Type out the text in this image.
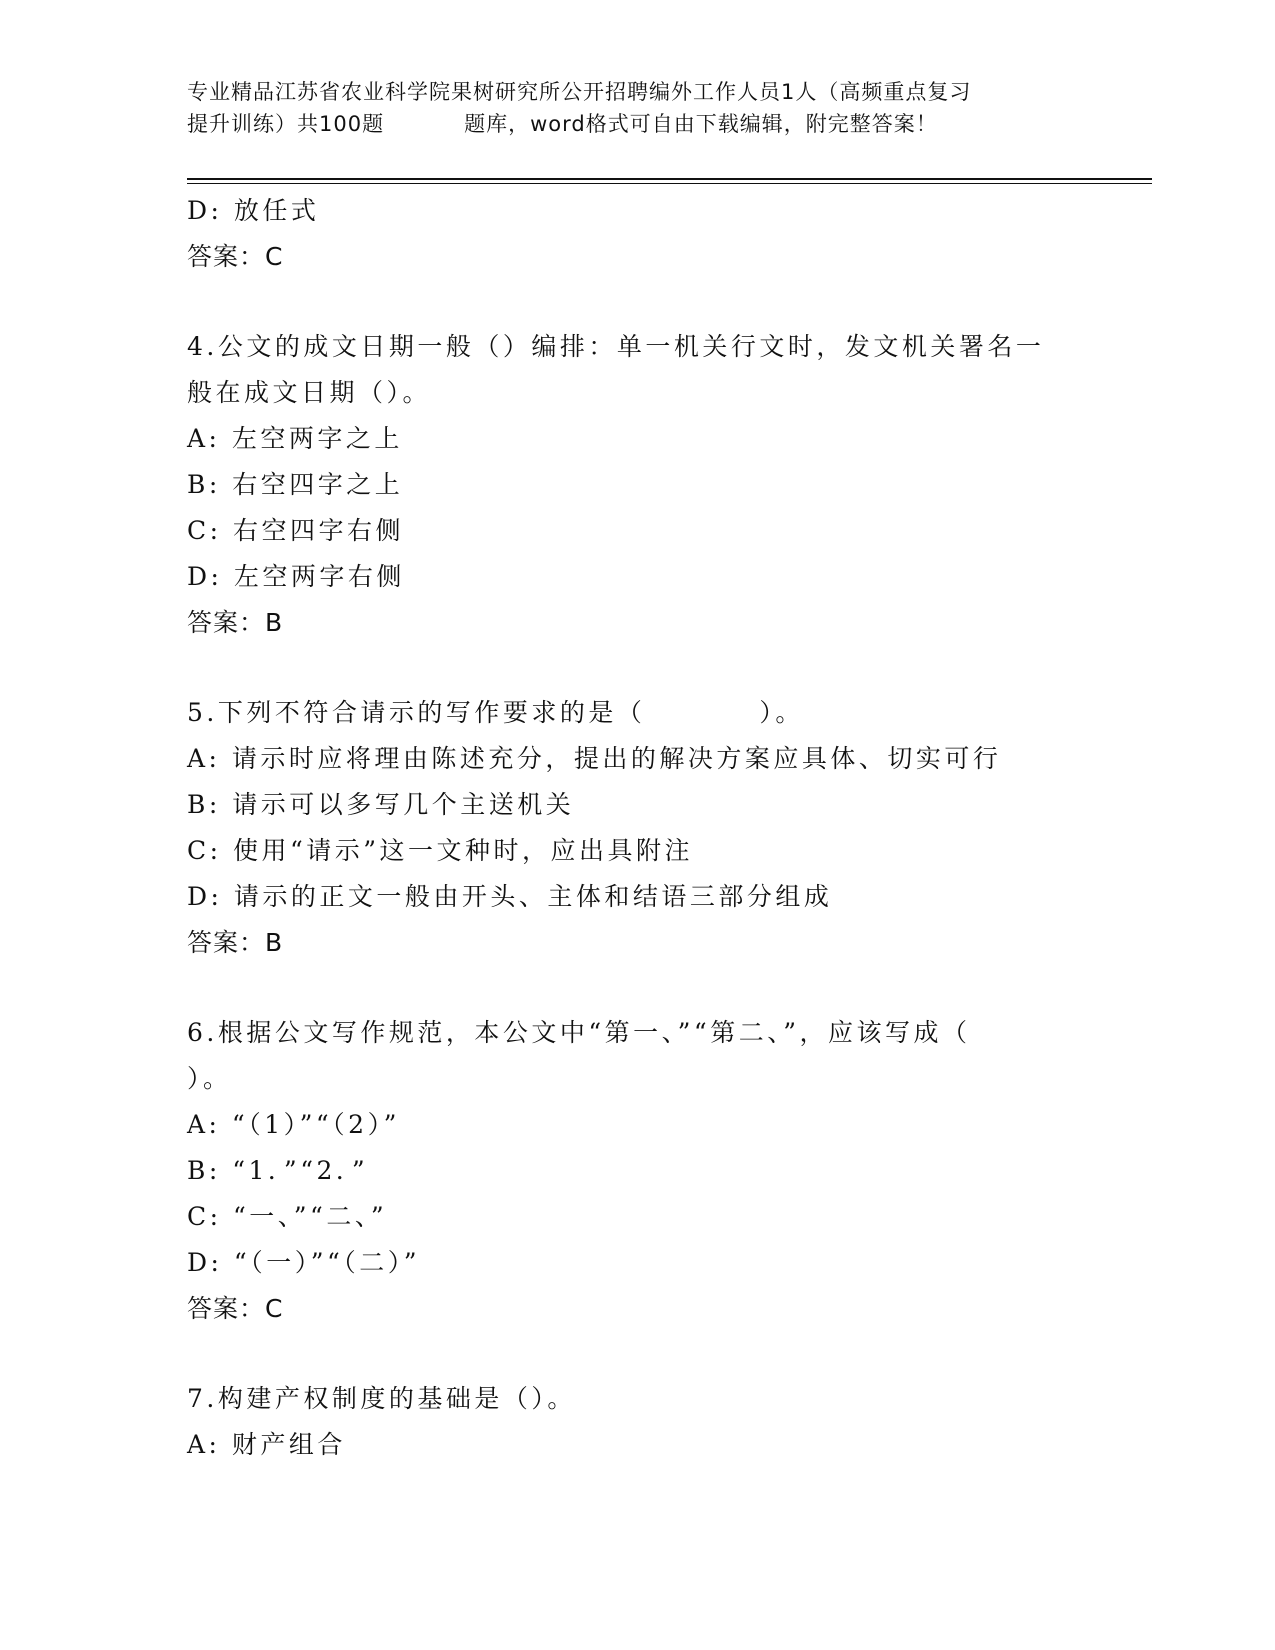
专业精品江苏省农业科学院果树研究所公开招聘编外工作人员1人（高频重点复习
提升训练）共100题	题库，word格式可自由下载编辑，附完整答案！
D: 放任式
答案：C
4.公文的成文日期一般（）编排：单一机关行文时，发文机关署名一
般在成文日期（）。
A: 左空两字之上
B: 右空四字之上
C: 右空四字右侧
D: 左空两字右侧
答案：B
5.下列不符合请示的写作要求的是（　　　　）。
A: 请示时应将理由陈述充分，提出的解决方案应具体、切实可行
B: 请示可以多写几个主送机关
C: 使用“请示”这一文种时，应出具附注
D: 请示的正文一般由开头、主体和结语三部分组成
答案：B
6.根据公文写作规范，本公文中“第一、”“第二、”，应该写成（
）。
A: “（1）”“（2）”
B: “1．”“2．”
C: “一、”“二、”
D: “（一）”“（二）”
答案：C
7.构建产权制度的基础是（）。
A: 财产组合
